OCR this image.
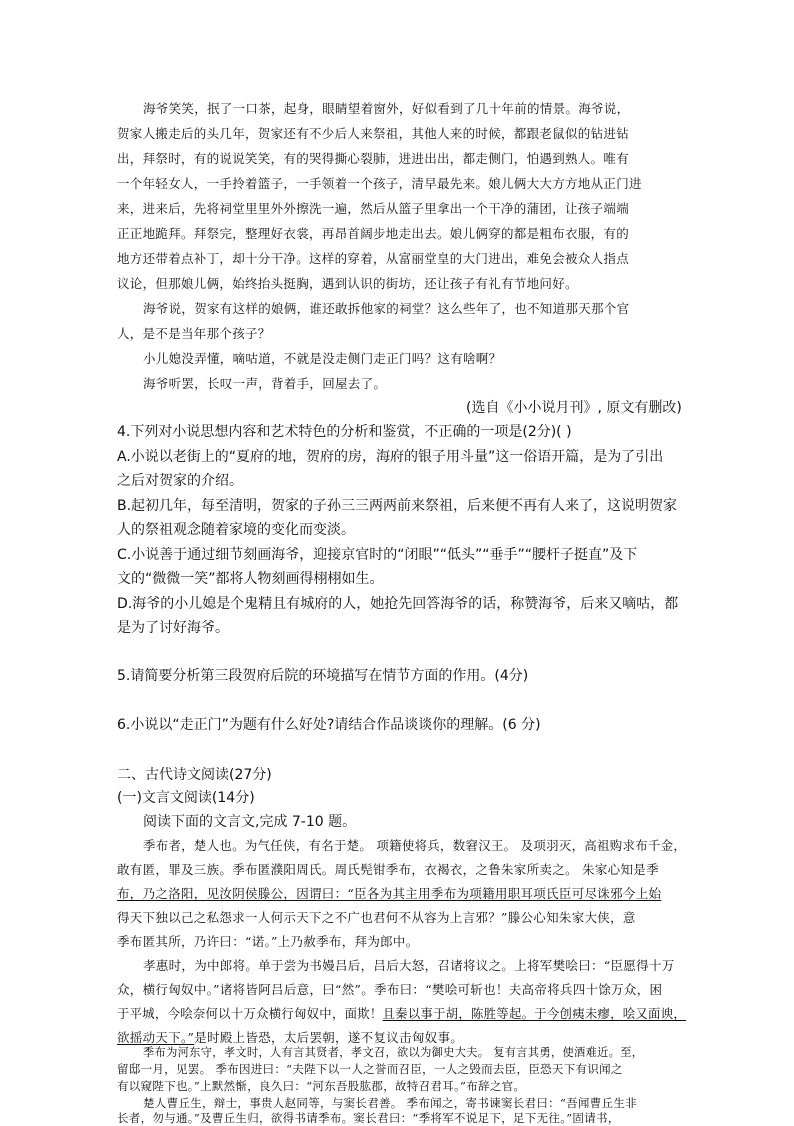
海爷笑笑，抿了一口茶，起身，眼睛望着窗外，好似看到了几十年前的情景。海爷说，
贺家人搬走后的头几年，贺家还有不少后人来祭祖，其他人来的时候，都跟老鼠似的钻进钻
出，拜祭时，有的说说笑笑，有的哭得撕心裂肺，进进出出，都走侧门，怕遇到熟人。唯有
一个年轻女人，一手拎着篮子，一手领着一个孩子，清早最先来。娘儿俩大大方方地从正门进
来，进来后，先将祠堂里里外外擦洗一遍，然后从篮子里拿出一个干净的蒲团，让孩子端端
正正地跪拜。拜祭完，整理好衣裳，再昂首阔步地走出去。娘儿俩穿的都是粗布衣服，有的
地方还带着点补丁，却十分干净。这样的穿着，从富丽堂皇的大门进出，难免会被众人指点
议论，但那娘儿俩，始终抬头挺胸，遇到认识的街坊，还让孩子有礼有节地问好。
海爷说，贺家有这样的娘俩，谁还敢拆他家的祠堂？这么些年了，也不知道那天那个官
人，是不是当年那个孩子？
小儿媳没弄懂，嘀咕道，不就是没走侧门走正门吗？这有啥啊？
海爷听罢，长叹一声，背着手，回屋去了。
(选自《小小说月刊》, 原文有删改)
4.下列对小说思想内容和艺术特色的分析和鉴赏，不正确的一项是(2分)( )
A.小说以老街上的“夏府的地，贺府的房，海府的银子用斗量”这一俗语开篇，是为了引出
之后对贺家的介绍。
B.起初几年，每至清明，贺家的子孙三三两两前来祭祖，后来便不再有人来了，这说明贺家
人的祭祖观念随着家境的变化而变淡。
C.小说善于通过细节刻画海爷，迎接京官时的“闭眼”“低头”“垂手”“腰杆子挺直”及下
文的“微微一笑”都将人物刻画得栩栩如生。
D.海爷的小儿媳是个鬼精且有城府的人，她抢先回答海爷的话，称赞海爷，后来又嘀咕，都
是为了讨好海爷。
5.请简要分析第三段贺府后院的环境描写在情节方面的作用。(4分)
6.小说以“走正门”为题有什么好处?请结合作品谈谈你的理解。(6 分)
二、古代诗文阅读(27分)
(一)文言文阅读(14分)
阅读下面的文言文,完成 7-10 题。
季布者，楚人也。为气任侠，有名于楚。 项籍使将兵，数窘汉王。 及项羽灭，高祖购求布千金，
敢有匿，罪及三族。季布匿濮阳周氏。周氏髡钳季布，衣褐衣，之鲁朱家所卖之。 朱家心知是季
布，乃之洛阳，见汝阴侯滕公，因谓曰：“臣各为其主用季布为项籍用职耳项氏臣可尽诛邪今上始
得天下独以己之私怨求一人何示天下之不广也君何不从容为上言邪？”滕公心知朱家大侠，意
季布匿其所，乃许曰：“诺。”上乃赦季布，拜为郎中。
孝惠时，为中郎将。单于尝为书嫚吕后，吕后大怒，召诸将议之。上将军樊哙曰：“臣愿得十万
众，横行匈奴中。”诸将皆阿吕后意，曰“然”。季布曰：“樊哙可斩也！夫高帝将兵四十馀万众，困
于平城，今哙奈何以十万众横行匈奴中，面欺！且秦以事于胡，陈胜等起。于今创痍未瘳，哙又面谀，
欲摇动天下。”是时殿上皆恐，太后罢朝，遂不复议击匈奴事。
季布为河东守，孝文时，人有言其贤者，孝文召，欲以为御史大夫。 复有言其勇，使酒难近。至，
留邸一月，见罢。 季布因进曰：“夫陛下以一人之誉而召臣，一人之毁而去臣，臣恐天下有识闻之
有以窥陛下也。”上默然惭，良久曰：“河东吾股肱郡，故特召君耳。”布辞之官。
楚人曹丘生，辩士，事贵人赵同等，与窦长君善。 季布闻之，寄书谏窦长君曰：“吾闻曹丘生非
长者，勿与通。”及曹丘生归，欲得书请季布。窦长君曰：“季将军不说足下，足下无往。”固请书，
